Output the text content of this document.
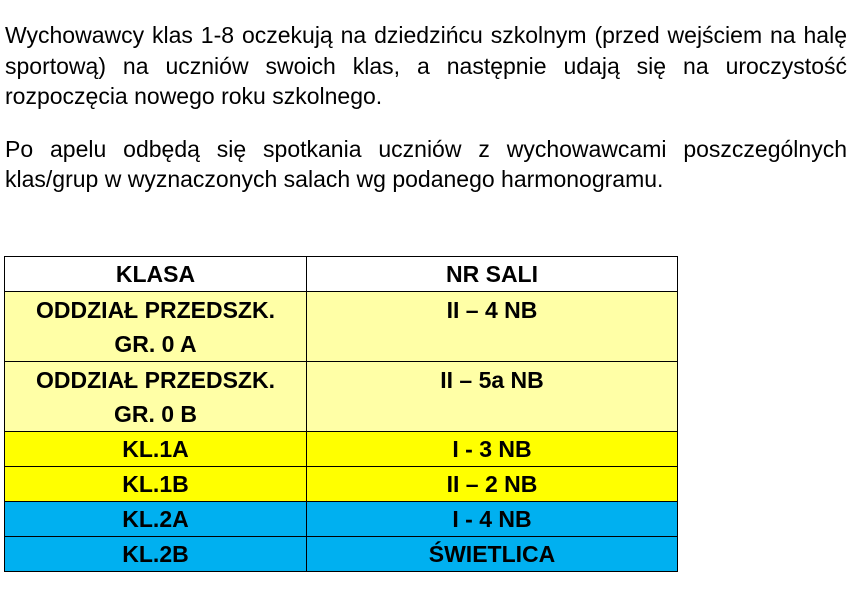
Wychowawcy klas 1-8 oczekują na dziedzińcu szkolnym (przed wejściem na halę sportową) na uczniów swoich klas, a następnie udają się na uroczystość rozpoczęcia nowego roku szkolnego.

Po apelu odbędą się spotkania uczniów z wychowawcami poszczególnych klas/grup w wyznaczonych salach wg podanego harmonogramu.

KLASA	NR SALI

ODDZIAŁ PRZEDSZK.
GR. 0 A	II – 4 NB

ODDZIAŁ PRZEDSZK.
GR. 0 B	II – 5a NB
KL.1A	I - 3 NB
KL.1B	II – 2 NB
KL.2A	I - 4 NB
KL.2B	ŚWIETLICA
